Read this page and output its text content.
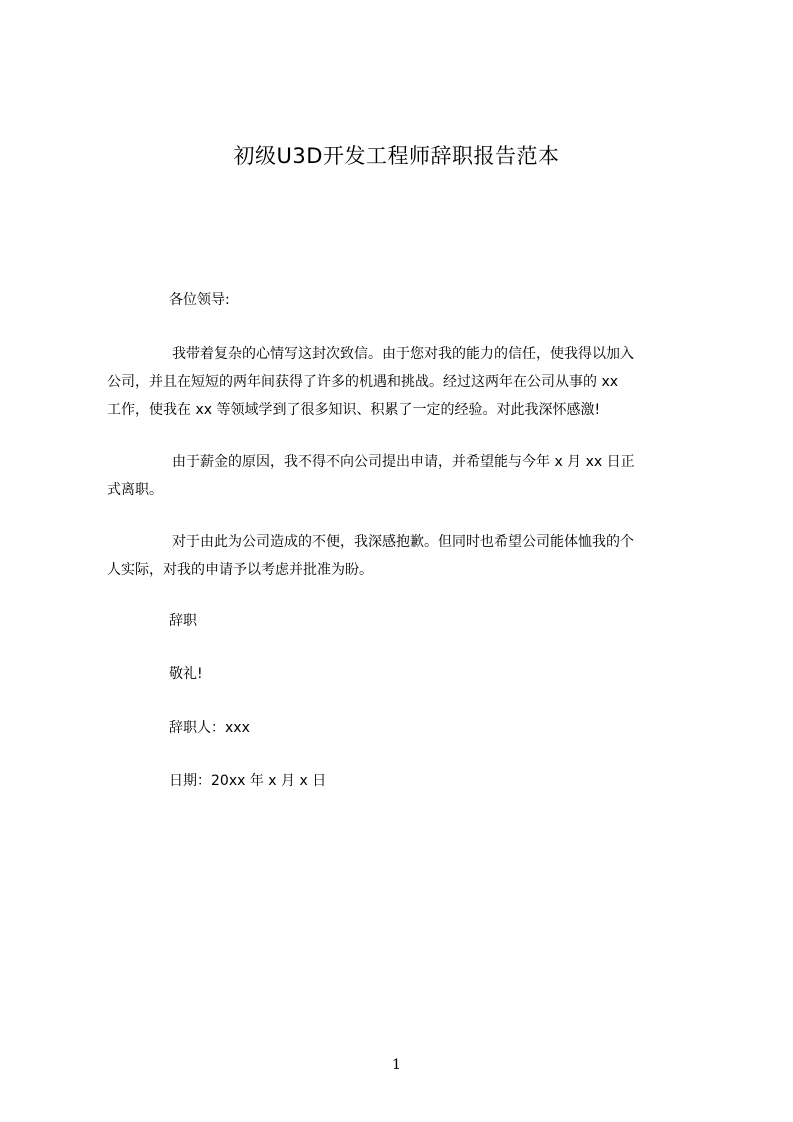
初级U3D开发工程师辞职报告范本
各位领导:
我带着复杂的心情写这封次致信。由于您对我的能力的信任，使我得以加入
公司，并且在短短的两年间获得了许多的机遇和挑战。经过这两年在公司从事的 xx
工作，使我在 xx 等领域学到了很多知识、积累了一定的经验。对此我深怀感激!
由于薪金的原因，我不得不向公司提出申请，并希望能与今年 x 月 xx 日正
式离职。
对于由此为公司造成的不便，我深感抱歉。但同时也希望公司能体恤我的个
人实际，对我的申请予以考虑并批准为盼。
辞职
敬礼!
辞职人：xxx
日期：20xx 年 x 月 x 日
1
